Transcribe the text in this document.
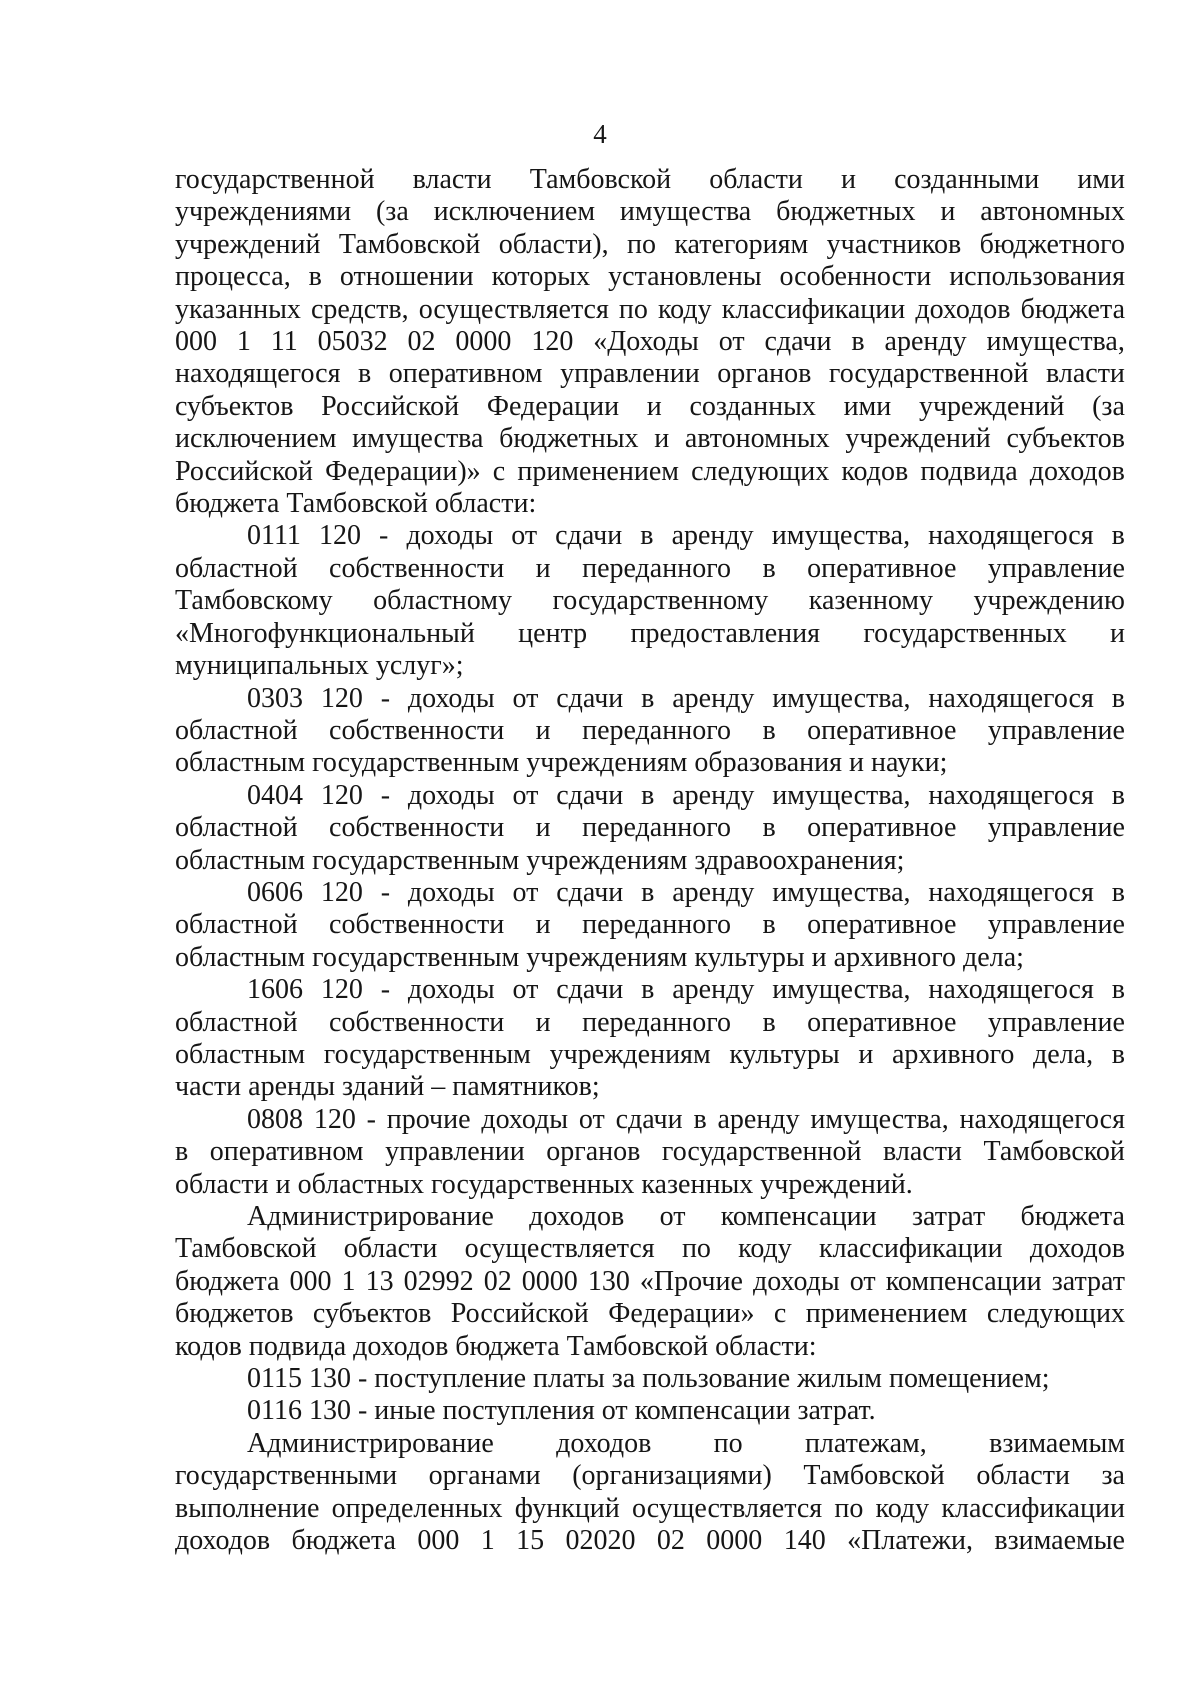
4
государственной власти Тамбовской области и созданными ими
учреждениями (за исключением имущества бюджетных и автономных
учреждений Тамбовской области), по категориям участников бюджетного
процесса, в отношении которых установлены особенности использования
указанных средств, осуществляется по коду классификации доходов бюджета
000 1 11 05032 02 0000 120 «Доходы от сдачи в аренду имущества,
находящегося в оперативном управлении органов государственной власти
субъектов Российской Федерации и созданных ими учреждений (за
исключением имущества бюджетных и автономных учреждений субъектов
Российской Федерации)» с применением следующих кодов подвида доходов
бюджета Тамбовской области:
0111 120 - доходы от сдачи в аренду имущества, находящегося в
областной собственности и переданного в оперативное управление
Тамбовскому областному государственному казенному учреждению
«Многофункциональный центр предоставления государственных и
муниципальных услуг»;
0303 120 - доходы от сдачи в аренду имущества, находящегося в
областной собственности и переданного в оперативное управление
областным государственным учреждениям образования и науки;
0404 120 - доходы от сдачи в аренду имущества, находящегося в
областной собственности и переданного в оперативное управление
областным государственным учреждениям здравоохранения;
0606 120 - доходы от сдачи в аренду имущества, находящегося в
областной собственности и переданного в оперативное управление
областным государственным учреждениям культуры и архивного дела;
1606 120 - доходы от сдачи в аренду имущества, находящегося в
областной собственности и переданного в оперативное управление
областным государственным учреждениям культуры и архивного дела, в
части аренды зданий – памятников;
0808 120 - прочие доходы от сдачи в аренду имущества, находящегося
в оперативном управлении органов государственной власти Тамбовской
области и областных государственных казенных учреждений.
Администрирование доходов от компенсации затрат бюджета
Тамбовской области осуществляется по коду классификации доходов
бюджета 000 1 13 02992 02 0000 130 «Прочие доходы от компенсации затрат
бюджетов субъектов Российской Федерации» с применением следующих
кодов подвида доходов бюджета Тамбовской области:
0115 130 - поступление платы за пользование жилым помещением;
0116 130 - иные поступления от компенсации затрат.
Администрирование доходов по платежам, взимаемым
государственными органами (организациями) Тамбовской области за
выполнение определенных функций осуществляется по коду классификации
доходов бюджета 000 1 15 02020 02 0000 140 «Платежи, взимаемые
